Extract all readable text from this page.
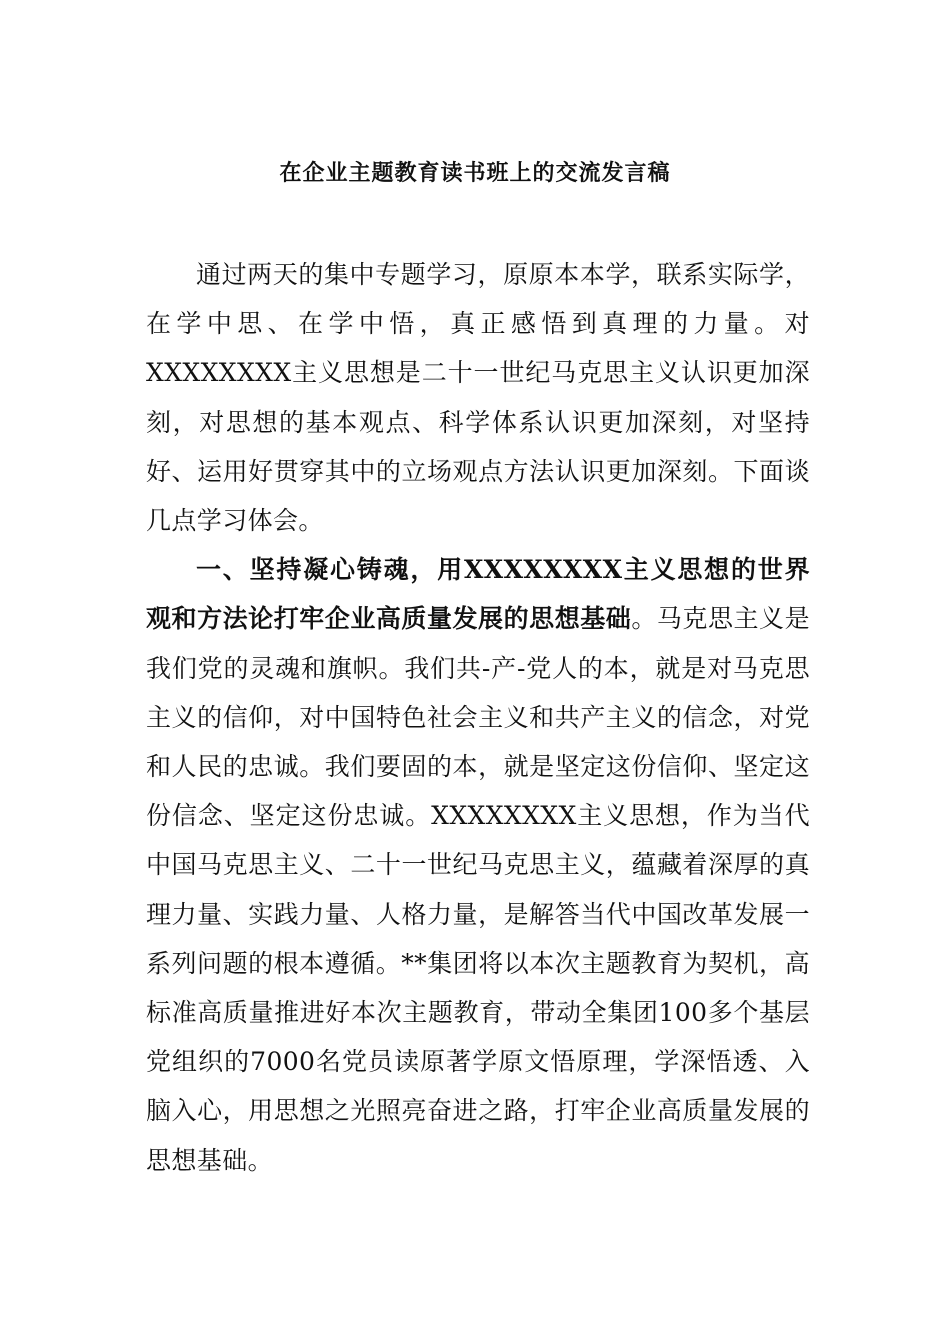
在企业主题教育读书班上的交流发言稿

通过两天的集中专题学习，原原本本学，联系实际学，在学中思、在学中悟，真正感悟到真理的力量。对XXXXXXXX主义思想是二十一世纪马克思主义认识更加深刻，对思想的基本观点、科学体系认识更加深刻，对坚持好、运用好贯穿其中的立场观点方法认识更加深刻。下面谈几点学习体会。

一、坚持凝心铸魂，用XXXXXXXX主义思想的世界观和方法论打牢企业高质量发展的思想基础。马克思主义是我们党的灵魂和旗帜。我们共-产-党人的本，就是对马克思主义的信仰，对中国特色社会主义和共产主义的信念，对党和人民的忠诚。我们要固的本，就是坚定这份信仰、坚定这份信念、坚定这份忠诚。XXXXXXXX主义思想，作为当代中国马克思主义、二十一世纪马克思主义，蕴藏着深厚的真理力量、实践力量、人格力量，是解答当代中国改革发展一系列问题的根本遵循。**集团将以本次主题教育为契机，高标准高质量推进好本次主题教育，带动全集团100多个基层党组织的7000名党员读原著学原文悟原理，学深悟透、入脑入心，用思想之光照亮奋进之路，打牢企业高质量发展的思想基础。
